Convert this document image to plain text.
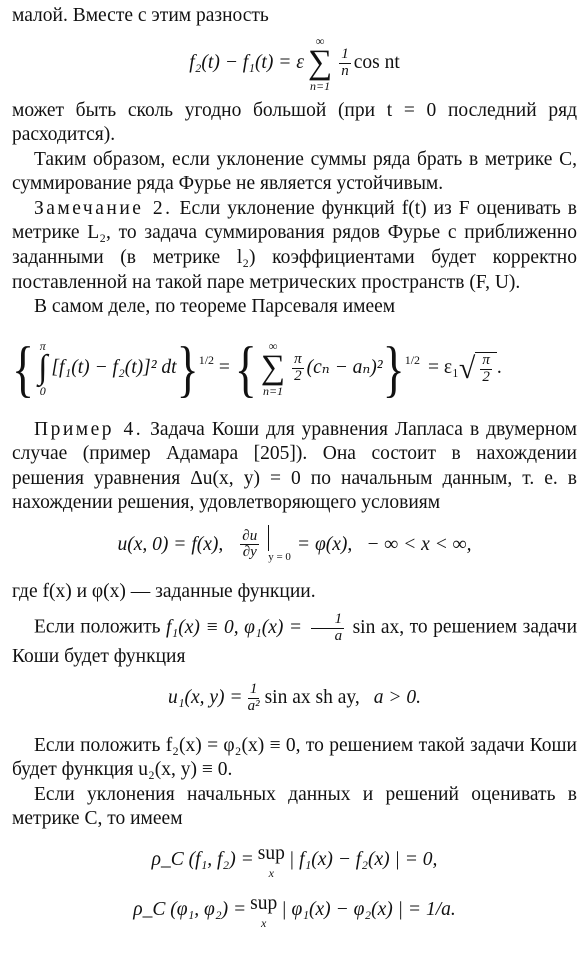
малой. Вместе с этим разность

f₂(t) − f₁(t) = ε
∞
∑
n=1
$\frac{1}{n}$ cos nt

может быть сколь угодно большой (при t = 0 последний ряд расходится).

Таким образом, если уклонение суммы ряда брать в метрике C, суммирование ряда Фурье не является устойчивым.

Замечание 2. Если уклонение функций f(t) из F оценивать в метрике L₂, то задача суммирования рядов Фурье с приближенно заданными (в метрике l₂) коэффициентами будет корректно поставленной на такой паре метрических пространств (F, U).

В самом деле, по теореме Парсеваля имеем

{ π
∫
0
[f₁(t) − f₂(t)]² dt } 1/2 = { ∞
∑
n=1
$\frac{\pi}{2} (c_n - a_n)^2$ } 1/2 = ε₁ √ $\frac{\pi}{2}$ .

Пример 4. Задача Коши для уравнения Лапласа в двумерном случае (пример Адамара [205]). Она состоит в нахождении решения уравнения Δu(x, y) = 0 по начальным данным, т. е. в нахождении решения, удовлетворяющего условиям

u(x, 0) = f(x), $\frac{\partial u}{\partial y}$ y = 0
= φ(x), − ∞ < x < ∞,

где f(x) и φ(x) — заданные функции.

Если положить f₁(x) ≡ 0, $\varphi_1(x) = \frac{1}{a}$ sin ax, то решением задачи Коши будет функция

u₁(x, $y) = \frac{1}{\text{a²}}$ sin ax sh ay, a > 0.

Если положить f₂(x) = φ₂(x) ≡ 0, то решением такой задачи Коши будет функция u₂(x, y) ≡ 0.

Если уклонения начальных данных и решений оценивать в метрике C, то имеем

ρ_C (f₁, f₂) = sup
x
| f₁(x) − f₂(x) | = 0,
ρ_C (φ₁, φ₂) = sup
x
| φ₁(x) − φ₂(x) | = 1/a.
